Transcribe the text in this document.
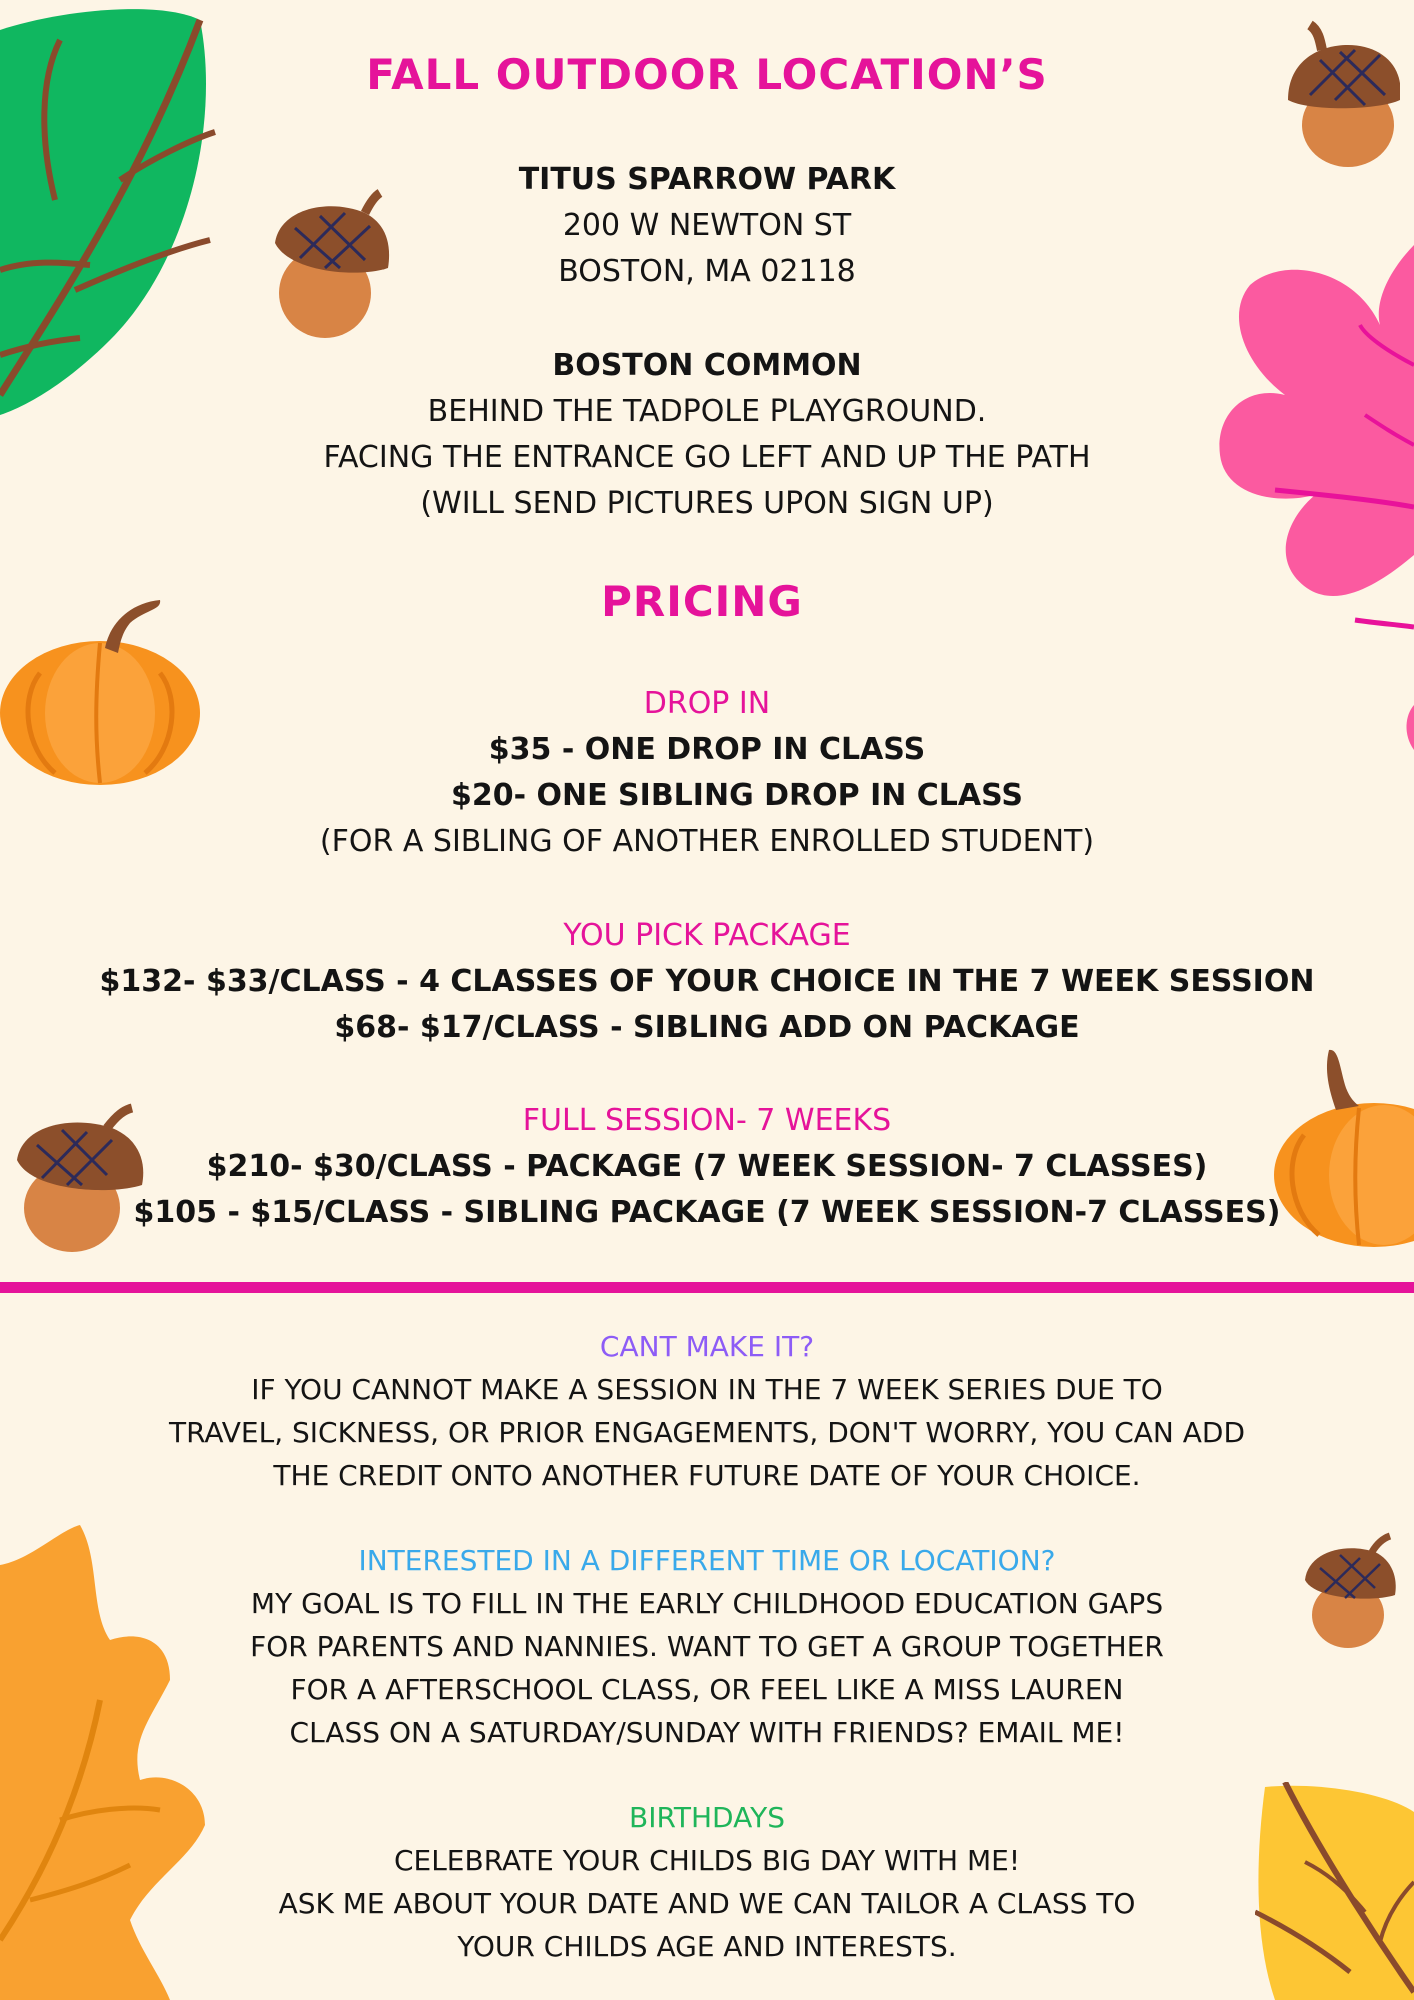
FALL OUTDOOR LOCATION’S

TITUS SPARROW PARK

200 W NEWTON ST

BOSTON, MA 02118

BOSTON COMMON

BEHIND THE TADPOLE PLAYGROUND.

FACING THE ENTRANCE GO LEFT AND UP THE PATH

(WILL SEND PICTURES UPON SIGN UP)

PRICING

DROP IN

$35 - ONE DROP IN CLASS

$20- ONE SIBLING DROP IN CLASS

(FOR A SIBLING OF ANOTHER ENROLLED STUDENT)

YOU PICK PACKAGE

$132- $33/CLASS - 4 CLASSES OF YOUR CHOICE IN THE 7 WEEK SESSION

$68- $17/CLASS - SIBLING ADD ON PACKAGE

FULL SESSION- 7 WEEKS

$210- $30/CLASS - PACKAGE (7 WEEK SESSION- 7 CLASSES)

$105 - $15/CLASS - SIBLING PACKAGE (7 WEEK SESSION-7 CLASSES)

CANT MAKE IT?

IF YOU CANNOT MAKE A SESSION IN THE 7 WEEK SERIES DUE TO

TRAVEL, SICKNESS, OR PRIOR ENGAGEMENTS, DON'T WORRY, YOU CAN ADD

THE CREDIT ONTO ANOTHER FUTURE DATE OF YOUR CHOICE.

INTERESTED IN A DIFFERENT TIME OR LOCATION?

MY GOAL IS TO FILL IN THE EARLY CHILDHOOD EDUCATION GAPS

FOR PARENTS AND NANNIES. WANT TO GET A GROUP TOGETHER

FOR A AFTERSCHOOL CLASS, OR FEEL LIKE A MISS LAUREN

CLASS ON A SATURDAY/SUNDAY WITH FRIENDS? EMAIL ME!

BIRTHDAYS

CELEBRATE YOUR CHILDS BIG DAY WITH ME!

ASK ME ABOUT YOUR DATE AND WE CAN TAILOR A CLASS TO

YOUR CHILDS AGE AND INTERESTS.
